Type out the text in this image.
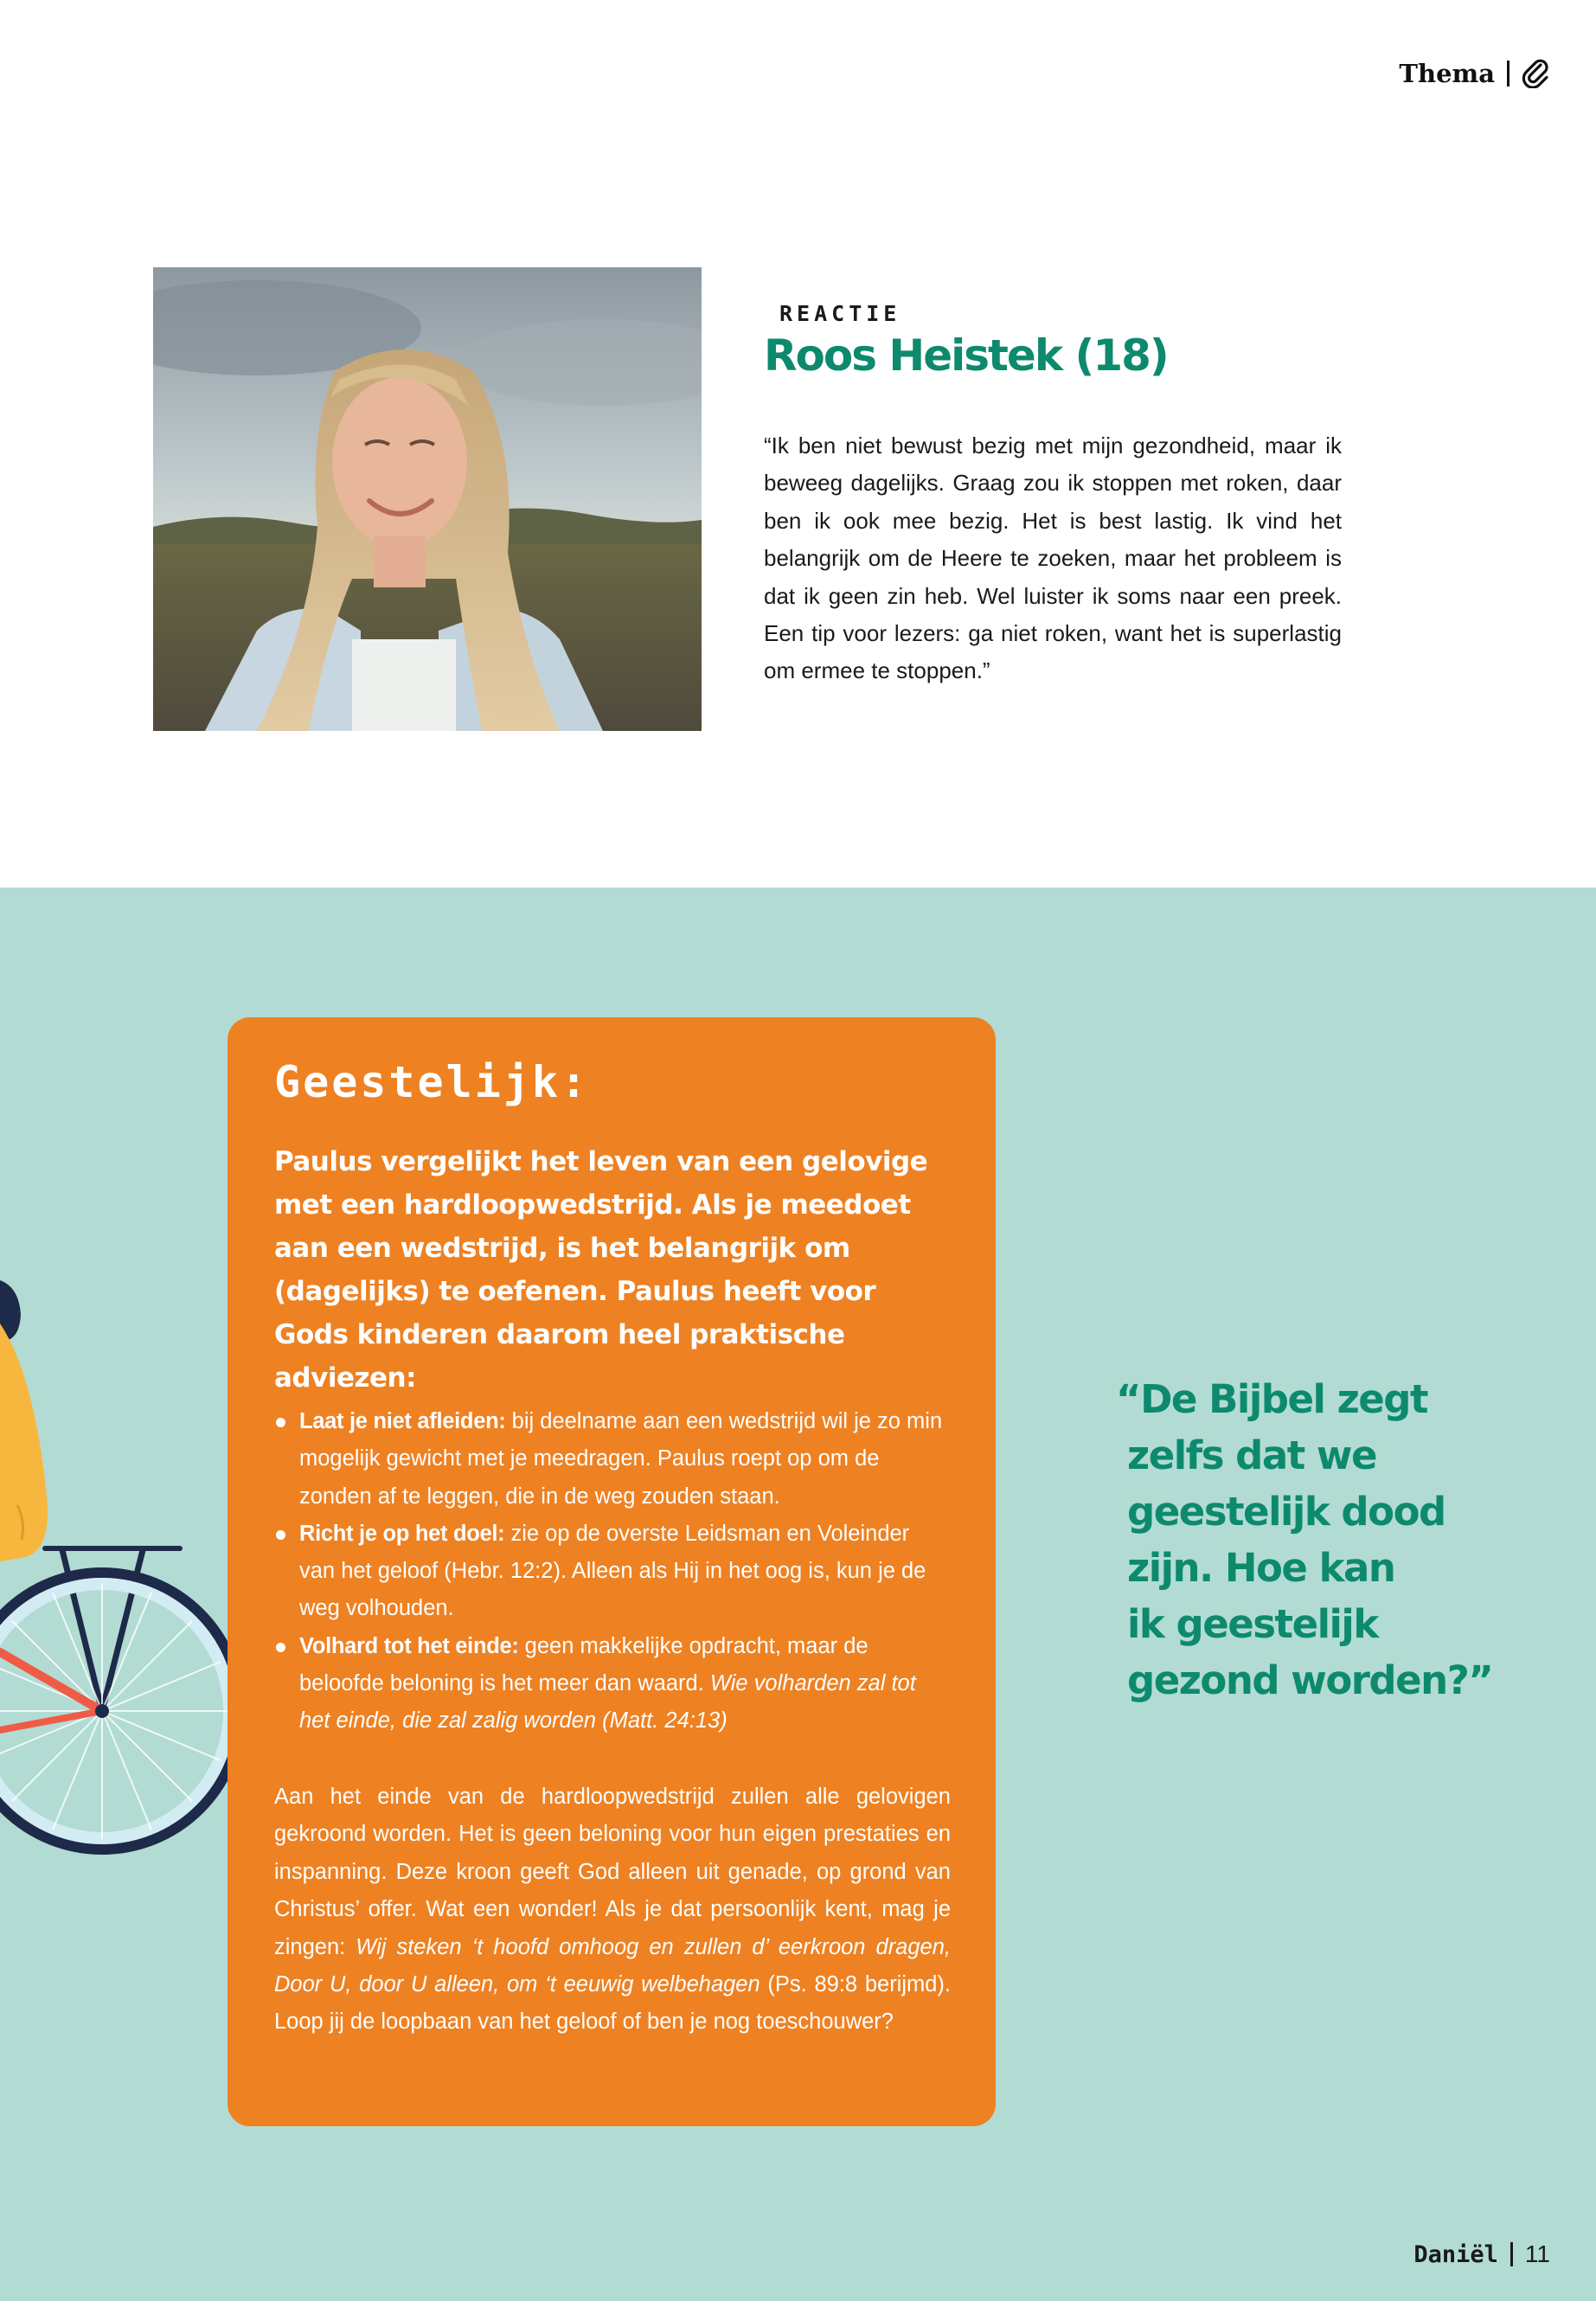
Thema
REACTIE
Roos Heistek (18)

“Ik ben niet bewust bezig met mijn gezondheid, maar ik beweeg dagelijks. Graag zou ik stoppen met roken, daar ben ik ook mee bezig. Het is best lastig. Ik vind het belangrijk om de Heere te zoeken, maar het probleem is dat ik geen zin heb. Wel luister ik soms naar een preek. Een tip voor lezers: ga niet roken, want het is superlastig om ermee te stoppen.”

Geestelijk:

Paulus vergelijkt het leven van een gelovige met een hardloopwedstrijd. Als je meedoet aan een wedstrijd, is het belangrijk om (dagelijks) te oefenen. Paulus heeft voor Gods kinderen daarom heel praktische adviezen:

Laat je niet afleiden: bij deelname aan een wedstrijd wil je zo min mogelijk gewicht met je meedragen. Paulus roept op om de zonden af te leggen, die in de weg zouden staan.
Richt je op het doel: zie op de overste Leidsman en Voleinder van het geloof (Hebr. 12:2). Alleen als Hij in het oog is, kun je de weg volhouden.
Volhard tot het einde: geen makkelijke opdracht, maar de beloofde beloning is het meer dan waard. Wie volharden zal tot het einde, die zal zalig worden (Matt. 24:13)

Aan het einde van de hardloopwedstrijd zullen alle gelovigen gekroond worden. Het is geen beloning voor hun eigen prestaties en inspanning. Deze kroon geeft God alleen uit genade, op grond van Christus’ offer. Wat een wonder! Als je dat persoonlijk kent, mag je zingen: Wij steken ‘t hoofd omhoog en zullen d’ eerkroon dragen, Door U, door U alleen, om ‘t eeuwig welbehagen (Ps. 89:8 berijmd). Loop jij de loopbaan van het geloof of ben je nog toeschouwer?

“De Bijbel zegt
zelfs dat we
geestelijk dood
zijn. Hoe kan
ik geestelijk
gezond worden?”
Daniël 11
